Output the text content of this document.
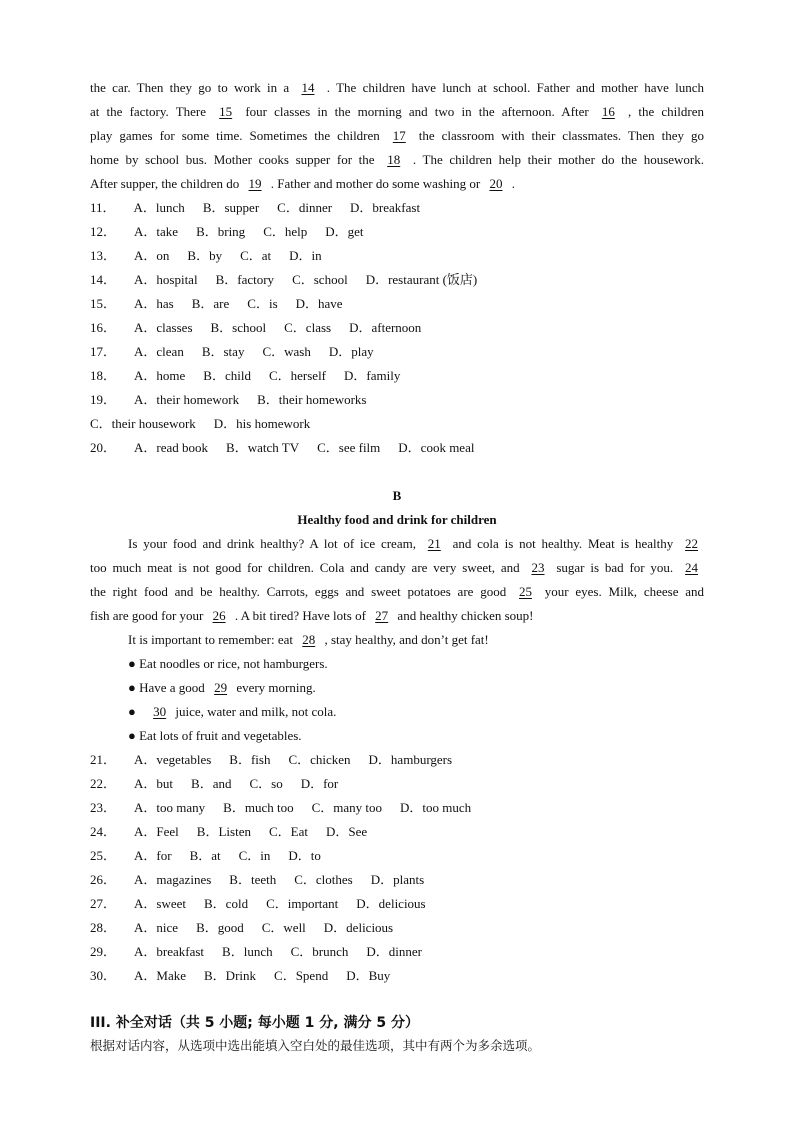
the car. Then they go to work in a 14 . The children have lunch at school. Father and mother have lunch
at the factory. There 15 four classes in the morning and two in the afternoon. After 16 , the children
play games for some time. Sometimes the children 17 the classroom with their classmates. Then they go
home by school bus. Mother cooks supper for the 18 . The children help their mother do the housework.
After supper, the children do 19 . Father and mother do some washing or 20 .
11． A．lunch B．supper C．dinner D．breakfast
12． A．take B．bring C．help D．get
13． A．on B．by C．at D．in
14． A．hospital B．factory C．school D．restaurant (饭店)
15． A．has B．are C．is D．have
16． A．classes B．school C．class D．afternoon
17． A．clean B．stay C．wash D．play
18． A．home B．child C．herself D．family
19． A．their homework B．their homeworks
C．their housework D．his homework
20． A．read book B．watch TV C．see film D．cook meal
B
Healthy food and drink for children
Is your food and drink healthy? A lot of ice cream, 21 and cola is not healthy. Meat is healthy 22
too much meat is not good for children. Cola and candy are very sweet, and 23 sugar is bad for you. 24
the right food and be healthy. Carrots, eggs and sweet potatoes are good 25 your eyes. Milk, cheese and
fish are good for your 26 . A bit tired? Have lots of 27 and healthy chicken soup!
It is important to remember: eat 28 , stay healthy, and don’t get fat!
● Eat noodles or rice, not hamburgers.
● Have a good 29 every morning.
● 30 juice, water and milk, not cola.
● Eat lots of fruit and vegetables.
21． A．vegetables B．fish C．chicken D．hamburgers
22． A．but B．and C．so D．for
23． A．too many B．much too C．many too D．too much
24． A．Feel B．Listen C．Eat D．See
25． A．for B．at C．in D．to
26． A．magazines B．teeth C．clothes D．plants
27． A．sweet B．cold C．important D．delicious
28． A．nice B．good C．well D．delicious
29． A．breakfast B．lunch C．brunch D．dinner
30． A．Make B．Drink C．Spend D．Buy
III. 补全对话（共 5 小题; 每小题 1 分, 满分 5 分）
根据对话内容，从选项中选出能填入空白处的最佳选项，其中有两个为多余选项。
